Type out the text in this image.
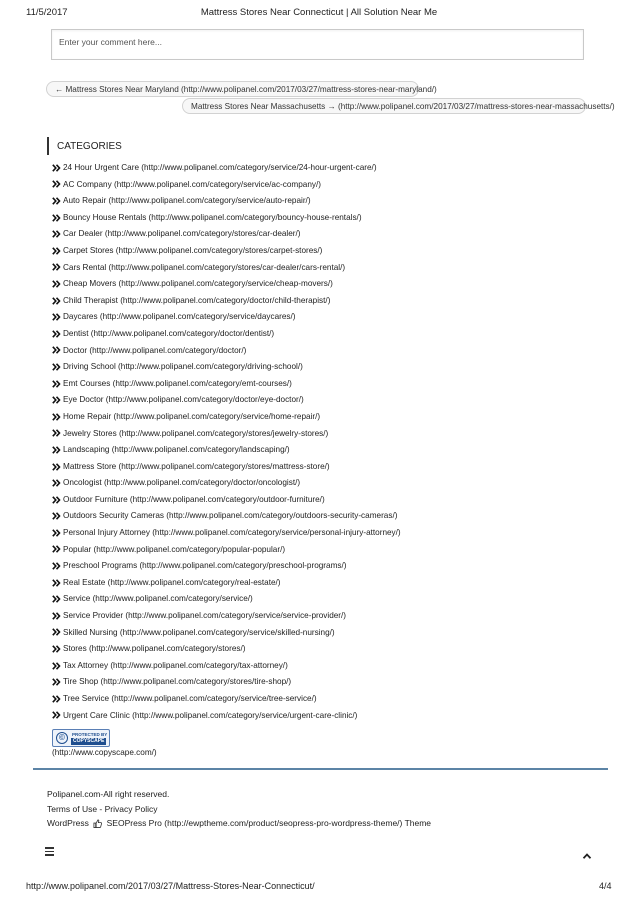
11/5/2017	Mattress Stores Near Connecticut | All Solution Near Me
Enter your comment here...
← Mattress Stores Near Maryland (http://www.polipanel.com/2017/03/27/mattress-stores-near-maryland/)
Mattress Stores Near Massachusetts → (http://www.polipanel.com/2017/03/27/mattress-stores-near-massachusetts/)
CATEGORIES
24 Hour Urgent Care (http://www.polipanel.com/category/service/24-hour-urgent-care/)
AC Company (http://www.polipanel.com/category/service/ac-company/)
Auto Repair (http://www.polipanel.com/category/service/auto-repair/)
Bouncy House Rentals (http://www.polipanel.com/category/bouncy-house-rentals/)
Car Dealer (http://www.polipanel.com/category/stores/car-dealer/)
Carpet Stores (http://www.polipanel.com/category/stores/carpet-stores/)
Cars Rental (http://www.polipanel.com/category/stores/car-dealer/cars-rental/)
Cheap Movers (http://www.polipanel.com/category/service/cheap-movers/)
Child Therapist (http://www.polipanel.com/category/doctor/child-therapist/)
Daycares (http://www.polipanel.com/category/service/daycares/)
Dentist (http://www.polipanel.com/category/doctor/dentist/)
Doctor (http://www.polipanel.com/category/doctor/)
Driving School (http://www.polipanel.com/category/driving-school/)
Emt Courses (http://www.polipanel.com/category/emt-courses/)
Eye Doctor (http://www.polipanel.com/category/doctor/eye-doctor/)
Home Repair (http://www.polipanel.com/category/service/home-repair/)
Jewelry Stores (http://www.polipanel.com/category/stores/jewelry-stores/)
Landscaping (http://www.polipanel.com/category/landscaping/)
Mattress Store (http://www.polipanel.com/category/stores/mattress-store/)
Oncologist (http://www.polipanel.com/category/doctor/oncologist/)
Outdoor Furniture (http://www.polipanel.com/category/outdoor-furniture/)
Outdoors Security Cameras (http://www.polipanel.com/category/outdoors-security-cameras/)
Personal Injury Attorney (http://www.polipanel.com/category/service/personal-injury-attorney/)
Popular (http://www.polipanel.com/category/popular-popular/)
Preschool Programs (http://www.polipanel.com/category/preschool-programs/)
Real Estate (http://www.polipanel.com/category/real-estate/)
Service (http://www.polipanel.com/category/service/)
Service Provider (http://www.polipanel.com/category/service/service-provider/)
Skilled Nursing (http://www.polipanel.com/category/service/skilled-nursing/)
Stores (http://www.polipanel.com/category/stores/)
Tax Attorney (http://www.polipanel.com/category/tax-attorney/)
Tire Shop (http://www.polipanel.com/category/stores/tire-shop/)
Tree Service (http://www.polipanel.com/category/service/tree-service/)
Urgent Care Clinic (http://www.polipanel.com/category/service/urgent-care-clinic/)
©	PROTECTED BY
COPYSCAPE
(http://www.copyscape.com/)
Polipanel.com-All right reserved.
Terms of Use - Privacy Policy
WordPress SEOPress Pro (http://ewptheme.com/product/seopress-pro-wordpress-theme/) Theme
http://www.polipanel.com/2017/03/27/Mattress-Stores-Near-Connecticut/	4/4
